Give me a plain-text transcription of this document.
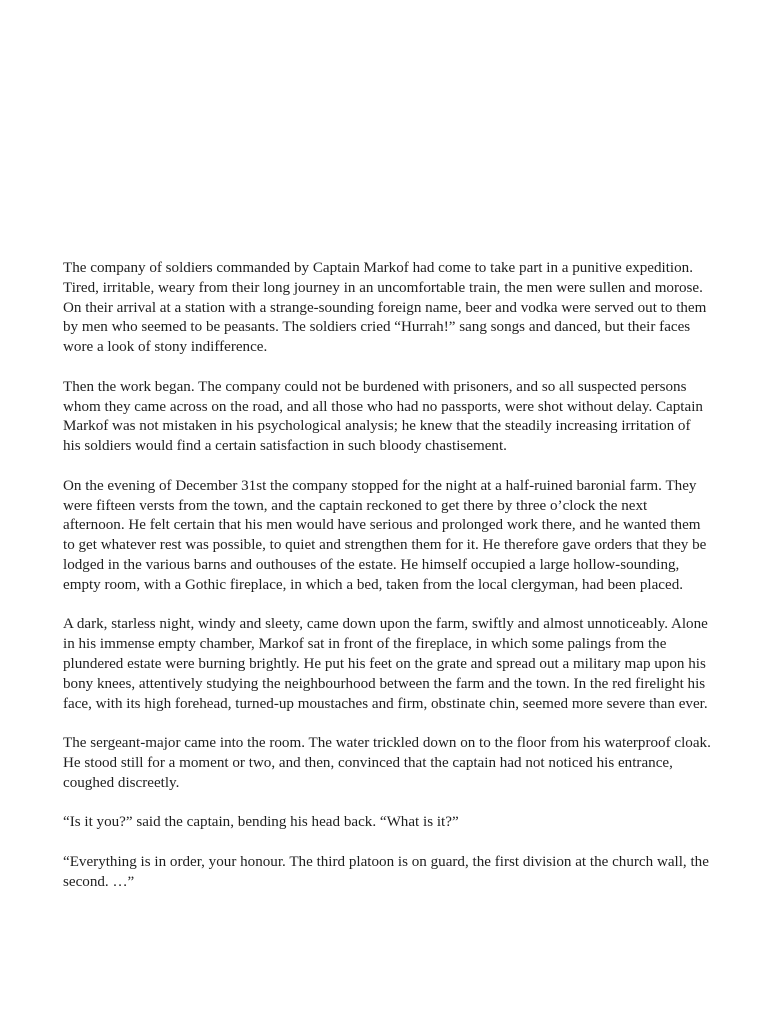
The company of soldiers commanded by Captain Markof had come to take part in a punitive expedition. Tired, irritable, weary from their long journey in an uncomfortable train, the men were sullen and morose. On their arrival at a station with a strange-sounding foreign name, beer and vodka were served out to them by men who seemed to be peasants. The soldiers cried “Hurrah!” sang songs and danced, but their faces wore a look of stony indifference.

Then the work began. The company could not be burdened with prisoners, and so all suspected persons whom they came across on the road, and all those who had no passports, were shot without delay. Captain Markof was not mistaken in his psychological analysis; he knew that the steadily increasing irritation of his soldiers would find a certain satisfaction in such bloody chastisement.

On the evening of December 31st the company stopped for the night at a half-ruined baronial farm. They were fifteen versts from the town, and the captain reckoned to get there by three o’clock the next afternoon. He felt certain that his men would have serious and prolonged work there, and he wanted them to get whatever rest was possible, to quiet and strengthen them for it. He therefore gave orders that they be lodged in the various barns and outhouses of the estate. He himself occupied a large hollow-sounding, empty room, with a Gothic fireplace, in which a bed, taken from the local clergyman, had been placed.

A dark, starless night, windy and sleety, came down upon the farm, swiftly and almost unnoticeably. Alone in his immense empty chamber, Markof sat in front of the fireplace, in which some palings from the plundered estate were burning brightly. He put his feet on the grate and spread out a military map upon his bony knees, attentively studying the neighbourhood between the farm and the town. In the red firelight his face, with its high forehead, turned-up moustaches and firm, obstinate chin, seemed more severe than ever.

The sergeant-major came into the room. The water trickled down on to the floor from his waterproof cloak. He stood still for a moment or two, and then, convinced that the captain had not noticed his entrance, coughed discreetly.

“Is it you?” said the captain, bending his head back. “What is it?”

“Everything is in order, your honour. The third platoon is on guard, the first division at the church wall, the second. …”
